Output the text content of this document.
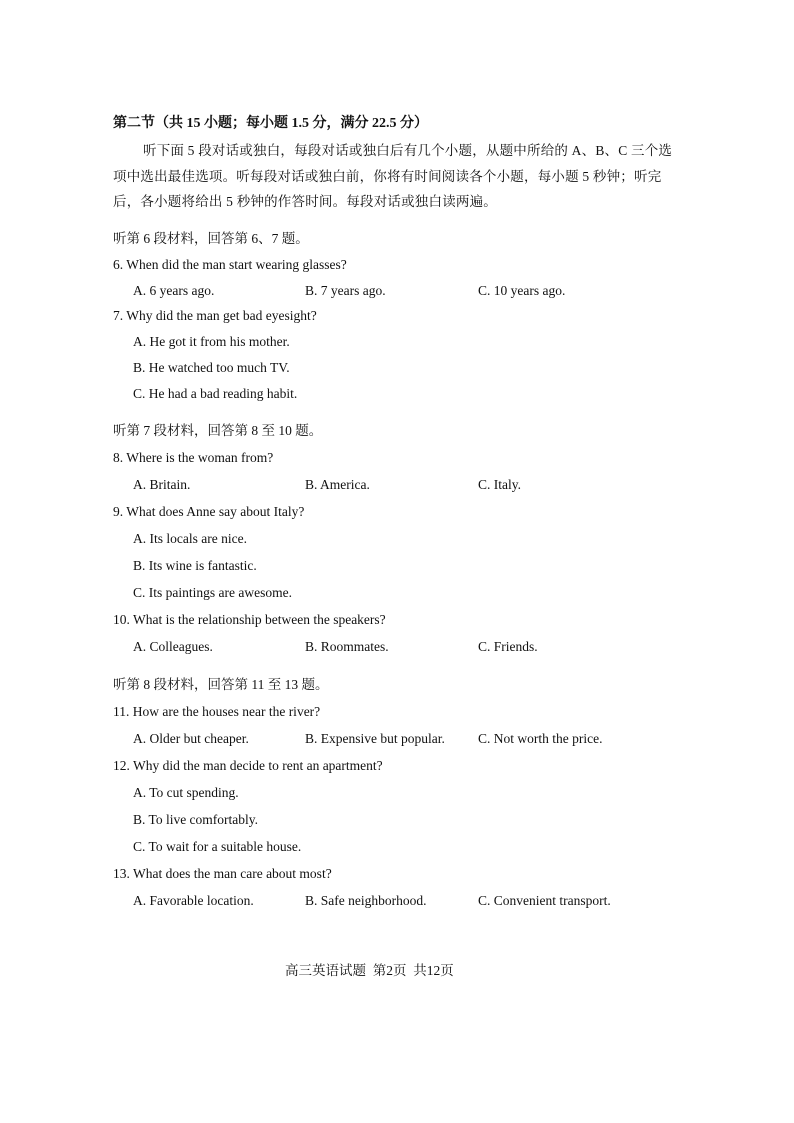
第二节（共 15 小题；每小题 1.5 分，满分 22.5 分）
听下面 5 段对话或独白，每段对话或独白后有几个小题，从题中所给的 A、B、C 三个选
项中选出最佳选项。听每段对话或独白前，你将有时间阅读各个小题，每小题 5 秒钟；听完
后，各小题将给出 5 秒钟的作答时间。每段对话或独白读两遍。
听第 6 段材料，回答第 6、7 题。
6. When did the man start wearing glasses?
A. 6 years ago.	B. 7 years ago.	C. 10 years ago.
7. Why did the man get bad eyesight?
A. He got it from his mother.
B. He watched too much TV.
C. He had a bad reading habit.
听第 7 段材料，回答第 8 至 10 题。
8. Where is the woman from?
A. Britain.	B. America.	C. Italy.
9. What does Anne say about Italy?
A. Its locals are nice.
B. Its wine is fantastic.
C. Its paintings are awesome.
10. What is the relationship between the speakers?
A. Colleagues.	B. Roommates.	C. Friends.
听第 8 段材料，回答第 11 至 13 题。
11. How are the houses near the river?
A. Older but cheaper.	B. Expensive but popular. C. Not worth the price.
12. Why did the man decide to rent an apartment?
A. To cut spending.
B. To live comfortably.
C. To wait for a suitable house.
13. What does the man care about most?
A. Favorable location.	B. Safe neighborhood.	C. Convenient transport.
高三英语试题  第2页  共12页
